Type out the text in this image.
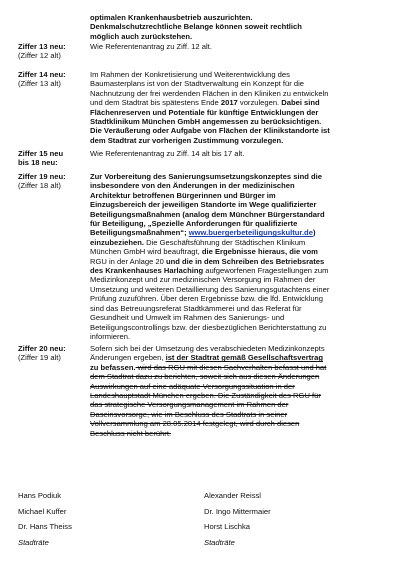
optimalen Krankenhausbetrieb auszurichten.
Denkmalschutzrechtliche Belange können soweit rechtlich
möglich auch zurückstehen.
Ziffer 13 neu:
(Ziffer 12 alt)
Wie Referentenantrag zu Ziff. 12 alt.
Ziffer 14 neu:
(Ziffer 13 alt)
Im Rahmen der Konkretisierung und Weiterentwicklung des
Baumasterplans ist von der Stadtverwaltung ein Konzept für die
Nachnutzung der frei werdenden Flächen in den Kliniken zu entwickeln
und dem Stadtrat bis spätestens Ende 2017 vorzulegen. Dabei sind
Flächenreserven und Potentiale für künftige Entwicklungen der
Stadtklinikum München GmbH angemessen zu berücksichtigen.
Die Veräußerung oder Aufgabe von Flächen der Klinikstandorte ist
dem Stadtrat zur vorherigen Zustimmung vorzulegen.
Ziffer 15 neu
bis 18 neu:
Wie Referentenantrag zu Ziff. 14 alt bis 17 alt.
Ziffer 19 neu:
(Ziffer 18 alt)
Zur Vorbereitung des Sanierungsumsetzungskonzeptes sind die
insbesondere von den Änderungen in der medizinischen
Architektur betroffenen Bürgerinnen und Bürger im
Einzugsbereich der jeweiligen Standorte im Wege qualifizierter
Beteiligungsmaßnahmen (analog dem Münchner Bürgerstandard
für Beteiligung, „Spezielle Anforderungen für qualifizierte
Beteiligungsmaßnahmen“; www.buergerbeteiligungskultur.de)
einzubeziehen. Die Geschäftsführung der Städtischen Klinikum
München GmbH wird beauftragt, die Ergebnisse hieraus, die vom
RGU in der Anlage 20 und die in dem Schreiben des Betriebsrates
des Krankenhauses Harlaching aufgeworfenen Fragestellungen zum
Medizinkonzept und zur medizinischen Versorgung im Rahmen der
Umsetzung und weiteren Detaillierung des Sanierungsgutachtens einer
Prüfung zuzuführen. Über deren Ergebnisse bzw. die lfd. Entwicklung
sind das Betreuungsreferat Stadtkämmerei und das Referat für
Gesundheit und Umwelt im Rahmen des Sanierungs- und
Beteiligungscontrollings bzw. der diesbezüglichen Berichterstattung zu
informieren.
Ziffer 20 neu:
(Ziffer 19 alt)
Sofern sich bei der Umsetzung des verabschiedeten Medizinkonzepts
Änderungen ergeben, ist der Stadtrat gemäß Gesellschaftsvertrag
zu befassen. wird das RGU mit diesen Sachverhalten befasst und hat
dem Stadtrat dazu zu berichten, soweit sich aus diesen Änderungen
Auswirkungen auf eine adäquate Versorgungssituation in der
Landeshauptstadt München ergeben. Die Zuständigkeit des RGU für
das strategische Versorgungsmanagement im Rahmen der
Daseinsvorsorge, wie im Beschluss des Stadtrats in seiner
Vollversammlung am 28.05.2014 festgelegt, wird durch diesen
Beschluss nicht berührt.
Hans Podiuk
Michael Kuffer
Dr. Hans Theiss
Stadträte
Alexander Reissl
Dr. Ingo Mittermaier
Horst Lischka
Stadträte
